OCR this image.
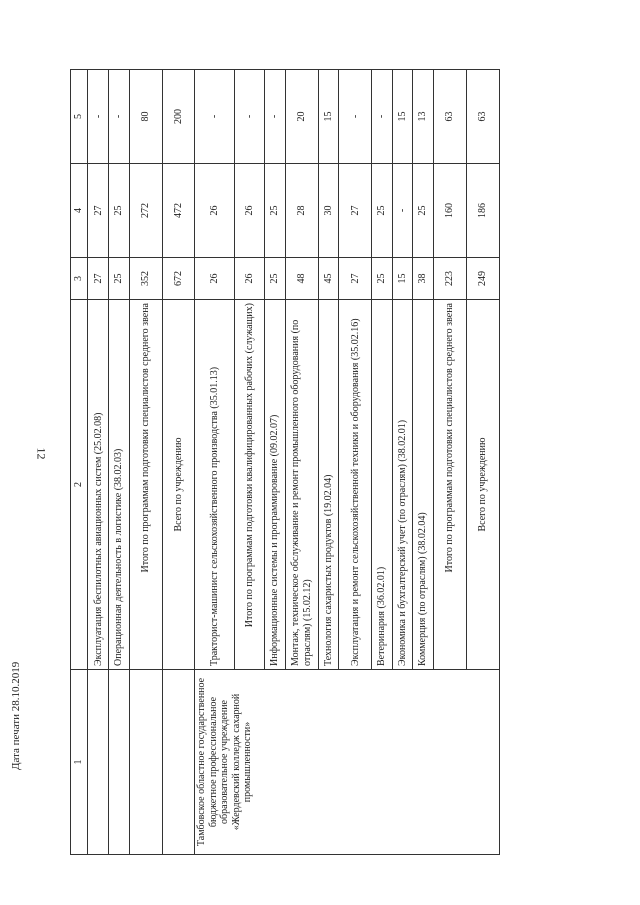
12
Дата печати 28.10.2019	1	2	3	4	5
	Эксплуатация беспилотных авиационных систем (25.02.08)	27	27	-
	Операционная деятельность в логистике (38.02.03)	25	25	-
	Итого по программам подготовки специалистов среднего звена	352	272	80
	Всего по учреждению	672	472	200
Тамбовское областное государственное бюджетное профессиональное образовательное учреждение «Жердевский колледж сахарной промышленности»	Тракторист-машинист сельскохозяйственного производства (35.01.13)	26	26	-
	Итого по программам подготовки квалифицированных рабочих (служащих)	26	26	-
	Информационные системы и программирование (09.02.07)	25	25	-
	Монтаж, техническое обслуживание и ремонт промышленного оборудования (по отраслям) (15.02.12)	48	28	20
	Технология сахаристых продуктов (19.02.04)	45	30	15
	Эксплуатация и ремонт сельскохозяйственной техники и оборудования (35.02.16)	27	27	-
	Ветеринария (36.02.01)	25	25	-
	Экономика и бухгалтерский учет (по отраслям) (38.02.01)	15	-	15
	Коммерция (по отраслям) (38.02.04)	38	25	13
	Итого по программам подготовки специалистов среднего звена	223	160	63
	Всего по учреждению	249	186	63
